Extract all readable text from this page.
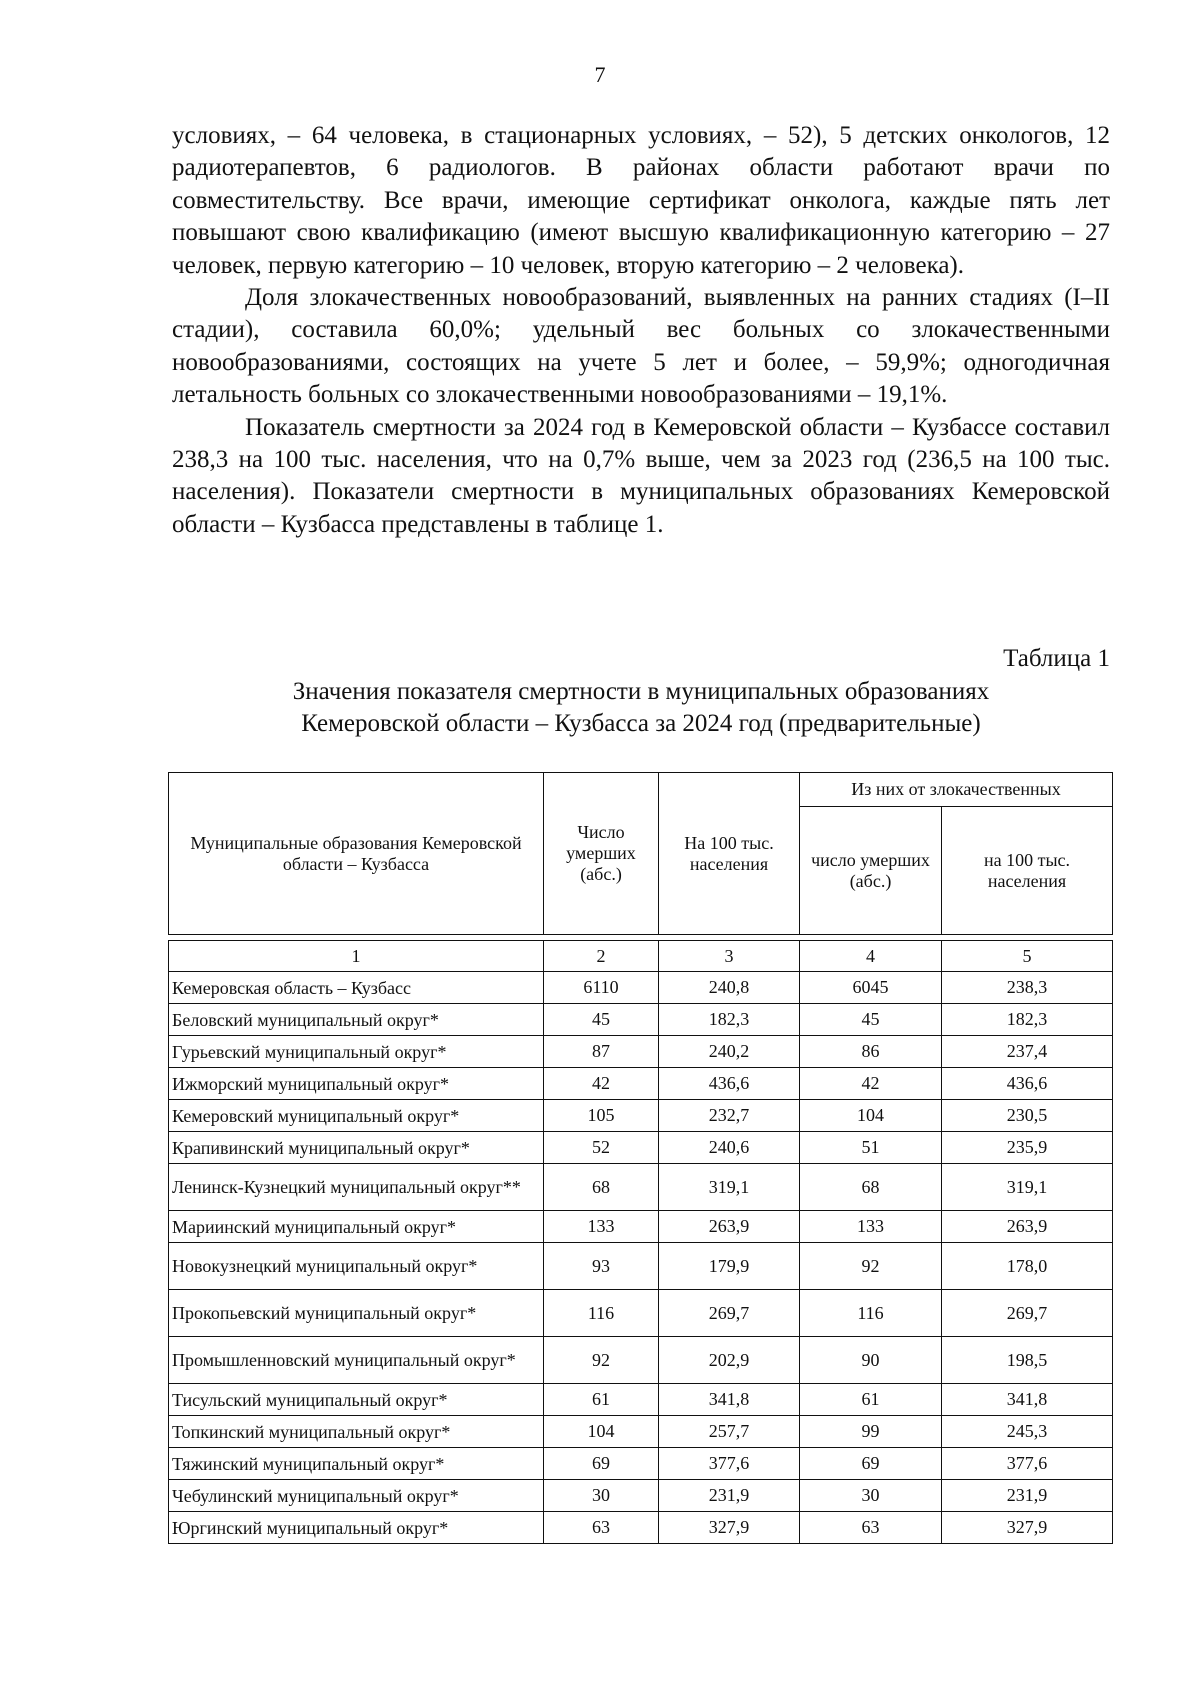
7

условиях, – 64 человека, в стационарных условиях, – 52), 5 детских онкологов, 12 радиотерапевтов, 6 радиологов. В районах области работают врачи по совместительству. Все врачи, имеющие сертификат онколога, каждые пять лет повышают свою квалификацию (имеют высшую квалификационную категорию – 27 человек, первую категорию – 10 человек, вторую категорию – 2 человека).

Доля злокачественных новообразований, выявленных на ранних стадиях (I–II стадии), составила 60,0%; удельный вес больных со злокачественными новообразованиями, состоящих на учете 5 лет и более, – 59,9%; одногодичная летальность больных со злокачественными новообразованиями – 19,1%.

Показатель смертности за 2024 год в Кемеровской области – Кузбассе составил 238,3 на 100 тыс. населения, что на 0,7% выше, чем за 2023 год (236,5 на 100 тыс. населения). Показатели смертности в муниципальных образованиях Кемеровской области – Кузбасса представлены в таблице 1.

Таблица 1
Значения показателя смертности в муниципальных образованиях
Кемеровской области – Кузбасса за 2024 год (предварительные)
Муниципальные образования Кемеровской области – Кузбасса	Число умерших (абс.)	На 100 тыс. населения	Из них от злокачественных	
			число умерших (абс.)	на 100 тыс. населения
1	2	3	4	5
Кемеровская область – Кузбасс	6110	240,8	6045	238,3
Беловский муниципальный округ*	45	182,3	45	182,3
Гурьевский муниципальный округ*	87	240,2	86	237,4
Ижморский муниципальный округ*	42	436,6	42	436,6
Кемеровский муниципальный округ*	105	232,7	104	230,5
Крапивинский муниципальный округ*	52	240,6	51	235,9
Ленинск-Кузнецкий муниципальный округ**	68	319,1	68	319,1
Мариинский муниципальный округ*	133	263,9	133	263,9
Новокузнецкий муниципальный округ*	93	179,9	92	178,0
Прокопьевский муниципальный округ*	116	269,7	116	269,7
Промышленновский муниципальный округ*	92	202,9	90	198,5
Тисульский муниципальный округ*	61	341,8	61	341,8
Топкинский муниципальный округ*	104	257,7	99	245,3
Тяжинский муниципальный округ*	69	377,6	69	377,6
Чебулинский муниципальный округ*	30	231,9	30	231,9
Юргинский муниципальный округ*	63	327,9	63	327,9
